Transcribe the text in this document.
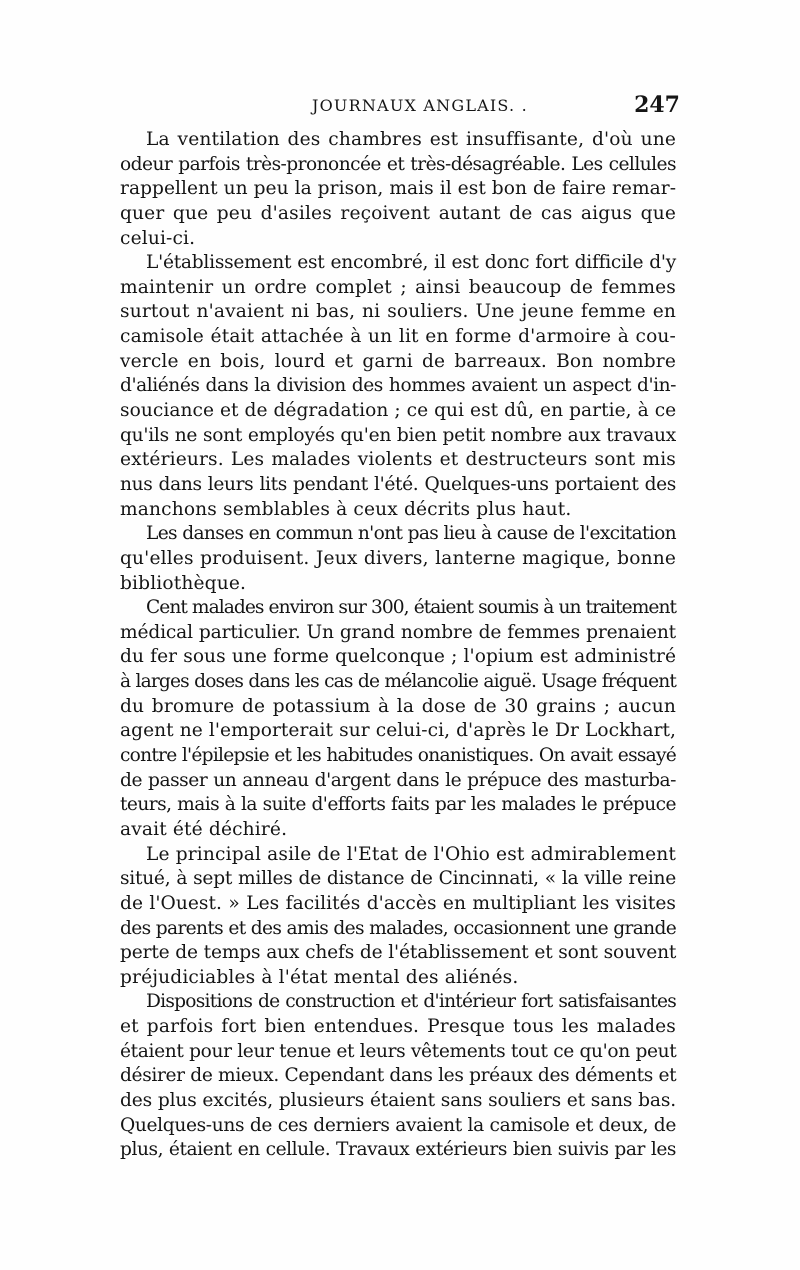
JOURNAUX ANGLAIS. .	247
La ventilation des chambres est insuffisante, d'où une
odeur parfois très-prononcée et très-désagréable. Les cellules
rappellent un peu la prison, mais il est bon de faire remar-
quer que peu d'asiles reçoivent autant de cas aigus que
celui-ci.
L'établissement est encombré, il est donc fort difficile d'y
maintenir un ordre complet ; ainsi beaucoup de femmes
surtout n'avaient ni bas, ni souliers. Une jeune femme en
camisole était attachée à un lit en forme d'armoire à cou-
vercle en bois, lourd et garni de barreaux. Bon nombre
d'aliénés dans la division des hommes avaient un aspect d'in-
souciance et de dégradation ; ce qui est dû, en partie, à ce
qu'ils ne sont employés qu'en bien petit nombre aux travaux
extérieurs. Les malades violents et destructeurs sont mis
nus dans leurs lits pendant l'été. Quelques-uns portaient des
manchons semblables à ceux décrits plus haut.
Les danses en commun n'ont pas lieu à cause de l'excitation
qu'elles produisent. Jeux divers, lanterne magique, bonne
bibliothèque.
Cent malades environ sur 300, étaient soumis à un traitement
médical particulier. Un grand nombre de femmes prenaient
du fer sous une forme quelconque ; l'opium est administré
à larges doses dans les cas de mélancolie aiguë. Usage fréquent
du bromure de potassium à la dose de 30 grains ; aucun
agent ne l'emporterait sur celui-ci, d'après le Dr Lockhart,
contre l'épilepsie et les habitudes onanistiques. On avait essayé
de passer un anneau d'argent dans le prépuce des masturba-
teurs, mais à la suite d'efforts faits par les malades le prépuce
avait été déchiré.
Le principal asile de l'Etat de l'Ohio est admirablement
situé, à sept milles de distance de Cincinnati, « la ville reine
de l'Ouest. » Les facilités d'accès en multipliant les visites
des parents et des amis des malades, occasionnent une grande
perte de temps aux chefs de l'établissement et sont souvent
préjudiciables à l'état mental des aliénés.
Dispositions de construction et d'intérieur fort satisfaisantes
et parfois fort bien entendues. Presque tous les malades
étaient pour leur tenue et leurs vêtements tout ce qu'on peut
désirer de mieux. Cependant dans les préaux des déments et
des plus excités, plusieurs étaient sans souliers et sans bas.
Quelques-uns de ces derniers avaient la camisole et deux, de
plus, étaient en cellule. Travaux extérieurs bien suivis par les
